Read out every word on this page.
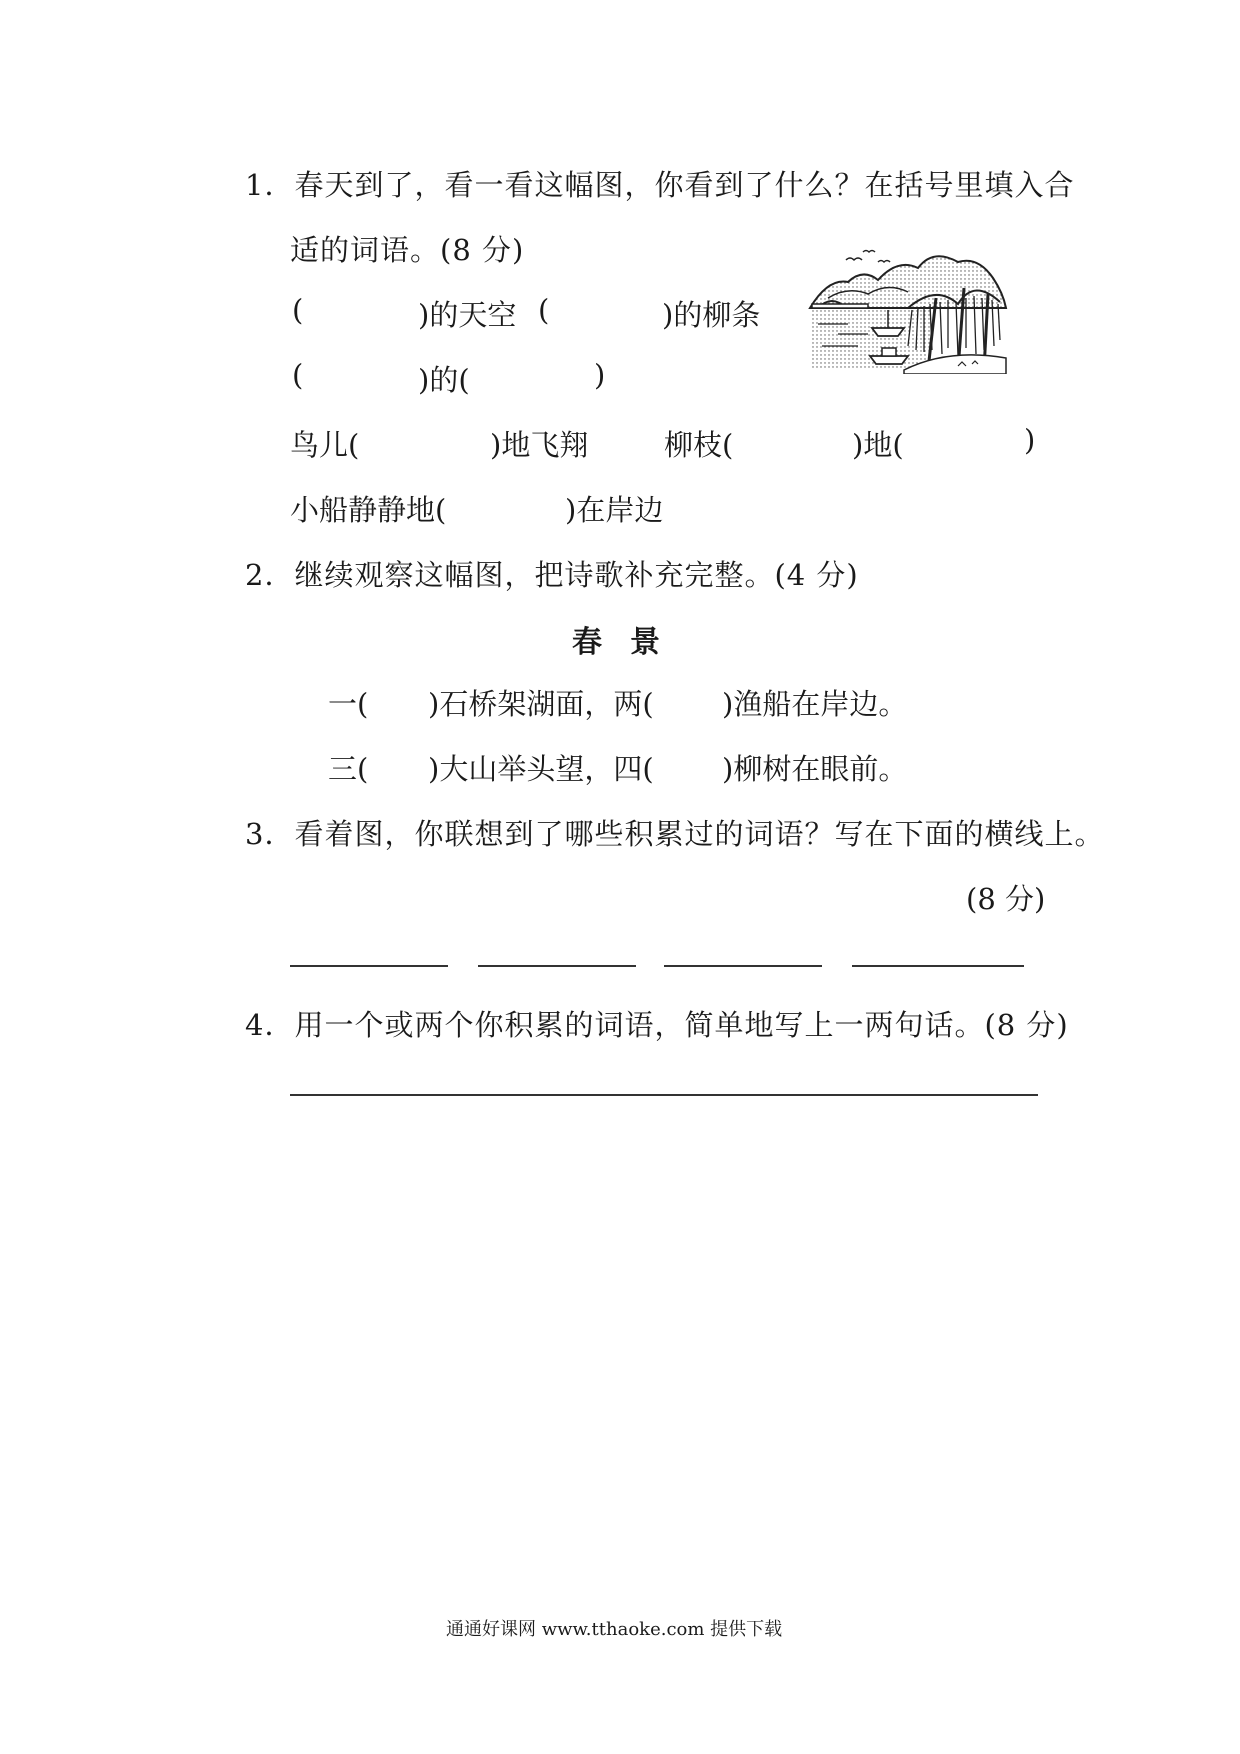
1．春天到了，看一看这幅图，你看到了什么？在括号里填入合
适的词语。(8 分)
(	)的天空 (	)的柳条
(	)的(	)
鸟儿(	)地飞翔	柳枝(	)地(	)
小船静静地(	)在岸边
2．继续观察这幅图，把诗歌补充完整。(4 分)
春景
一( )石桥架湖面，两( )渔船在岸边。
三( )大山举头望，四( )柳树在眼前。
3．看着图，你联想到了哪些积累过的词语？写在下面的横线上。
(8 分)
4．用一个或两个你积累的词语，简单地写上一两句话。(8 分)
通通好课网 www.tthaoke.com 提供下载
